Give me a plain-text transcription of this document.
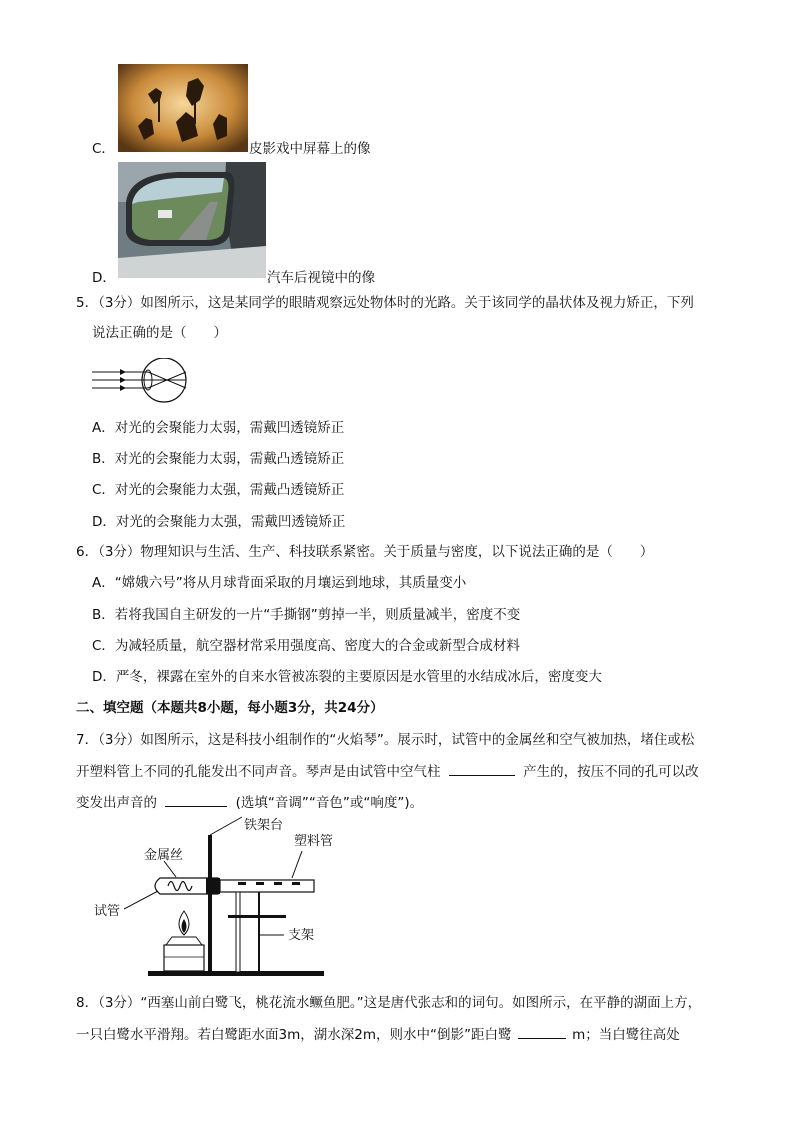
C．	皮影戏中屏幕上的像
D．	汽车后视镜中的像
5．（3分）如图所示，这是某同学的眼睛观察远处物体时的光路。关于该同学的晶状体及视力矫正，下列
说法正确的是（　　）
A．对光的会聚能力太弱，需戴凹透镜矫正
B．对光的会聚能力太弱，需戴凸透镜矫正
C．对光的会聚能力太强，需戴凸透镜矫正
D．对光的会聚能力太强，需戴凹透镜矫正
6．（3分）物理知识与生活、生产、科技联系紧密。关于质量与密度，以下说法正确的是（　　）
A．“嫦娥六号”将从月球背面采取的月壤运到地球，其质量变小
B．若将我国自主研发的一片“手撕钢”剪掉一半，则质量减半，密度不变
C．为减轻质量，航空器材常采用强度高、密度大的合金或新型合成材料
D．严冬，裸露在室外的自来水管被冻裂的主要原因是水管里的水结成冰后，密度变大
二、填空题（本题共8小题，每小题3分，共24分）
7．（3分）如图所示，这是科技小组制作的“火焰琴”。展示时，试管中的金属丝和空气被加热，堵住或松
开塑料管上不同的孔能发出不同声音。琴声是由试管中空气柱	产生的，按压不同的孔可以改
变发出声音的	(选填“音调”“音色”或“响度”)。
铁架台
金属丝
塑料管
试管
支架
8．（3分）“西塞山前白鹭飞，桃花流水鳜鱼肥。”这是唐代张志和的词句。如图所示，在平静的湖面上方，
一只白鹭水平滑翔。若白鹭距水面3m，湖水深2m，则水中“倒影”距白鹭	m；当白鹭往高处
